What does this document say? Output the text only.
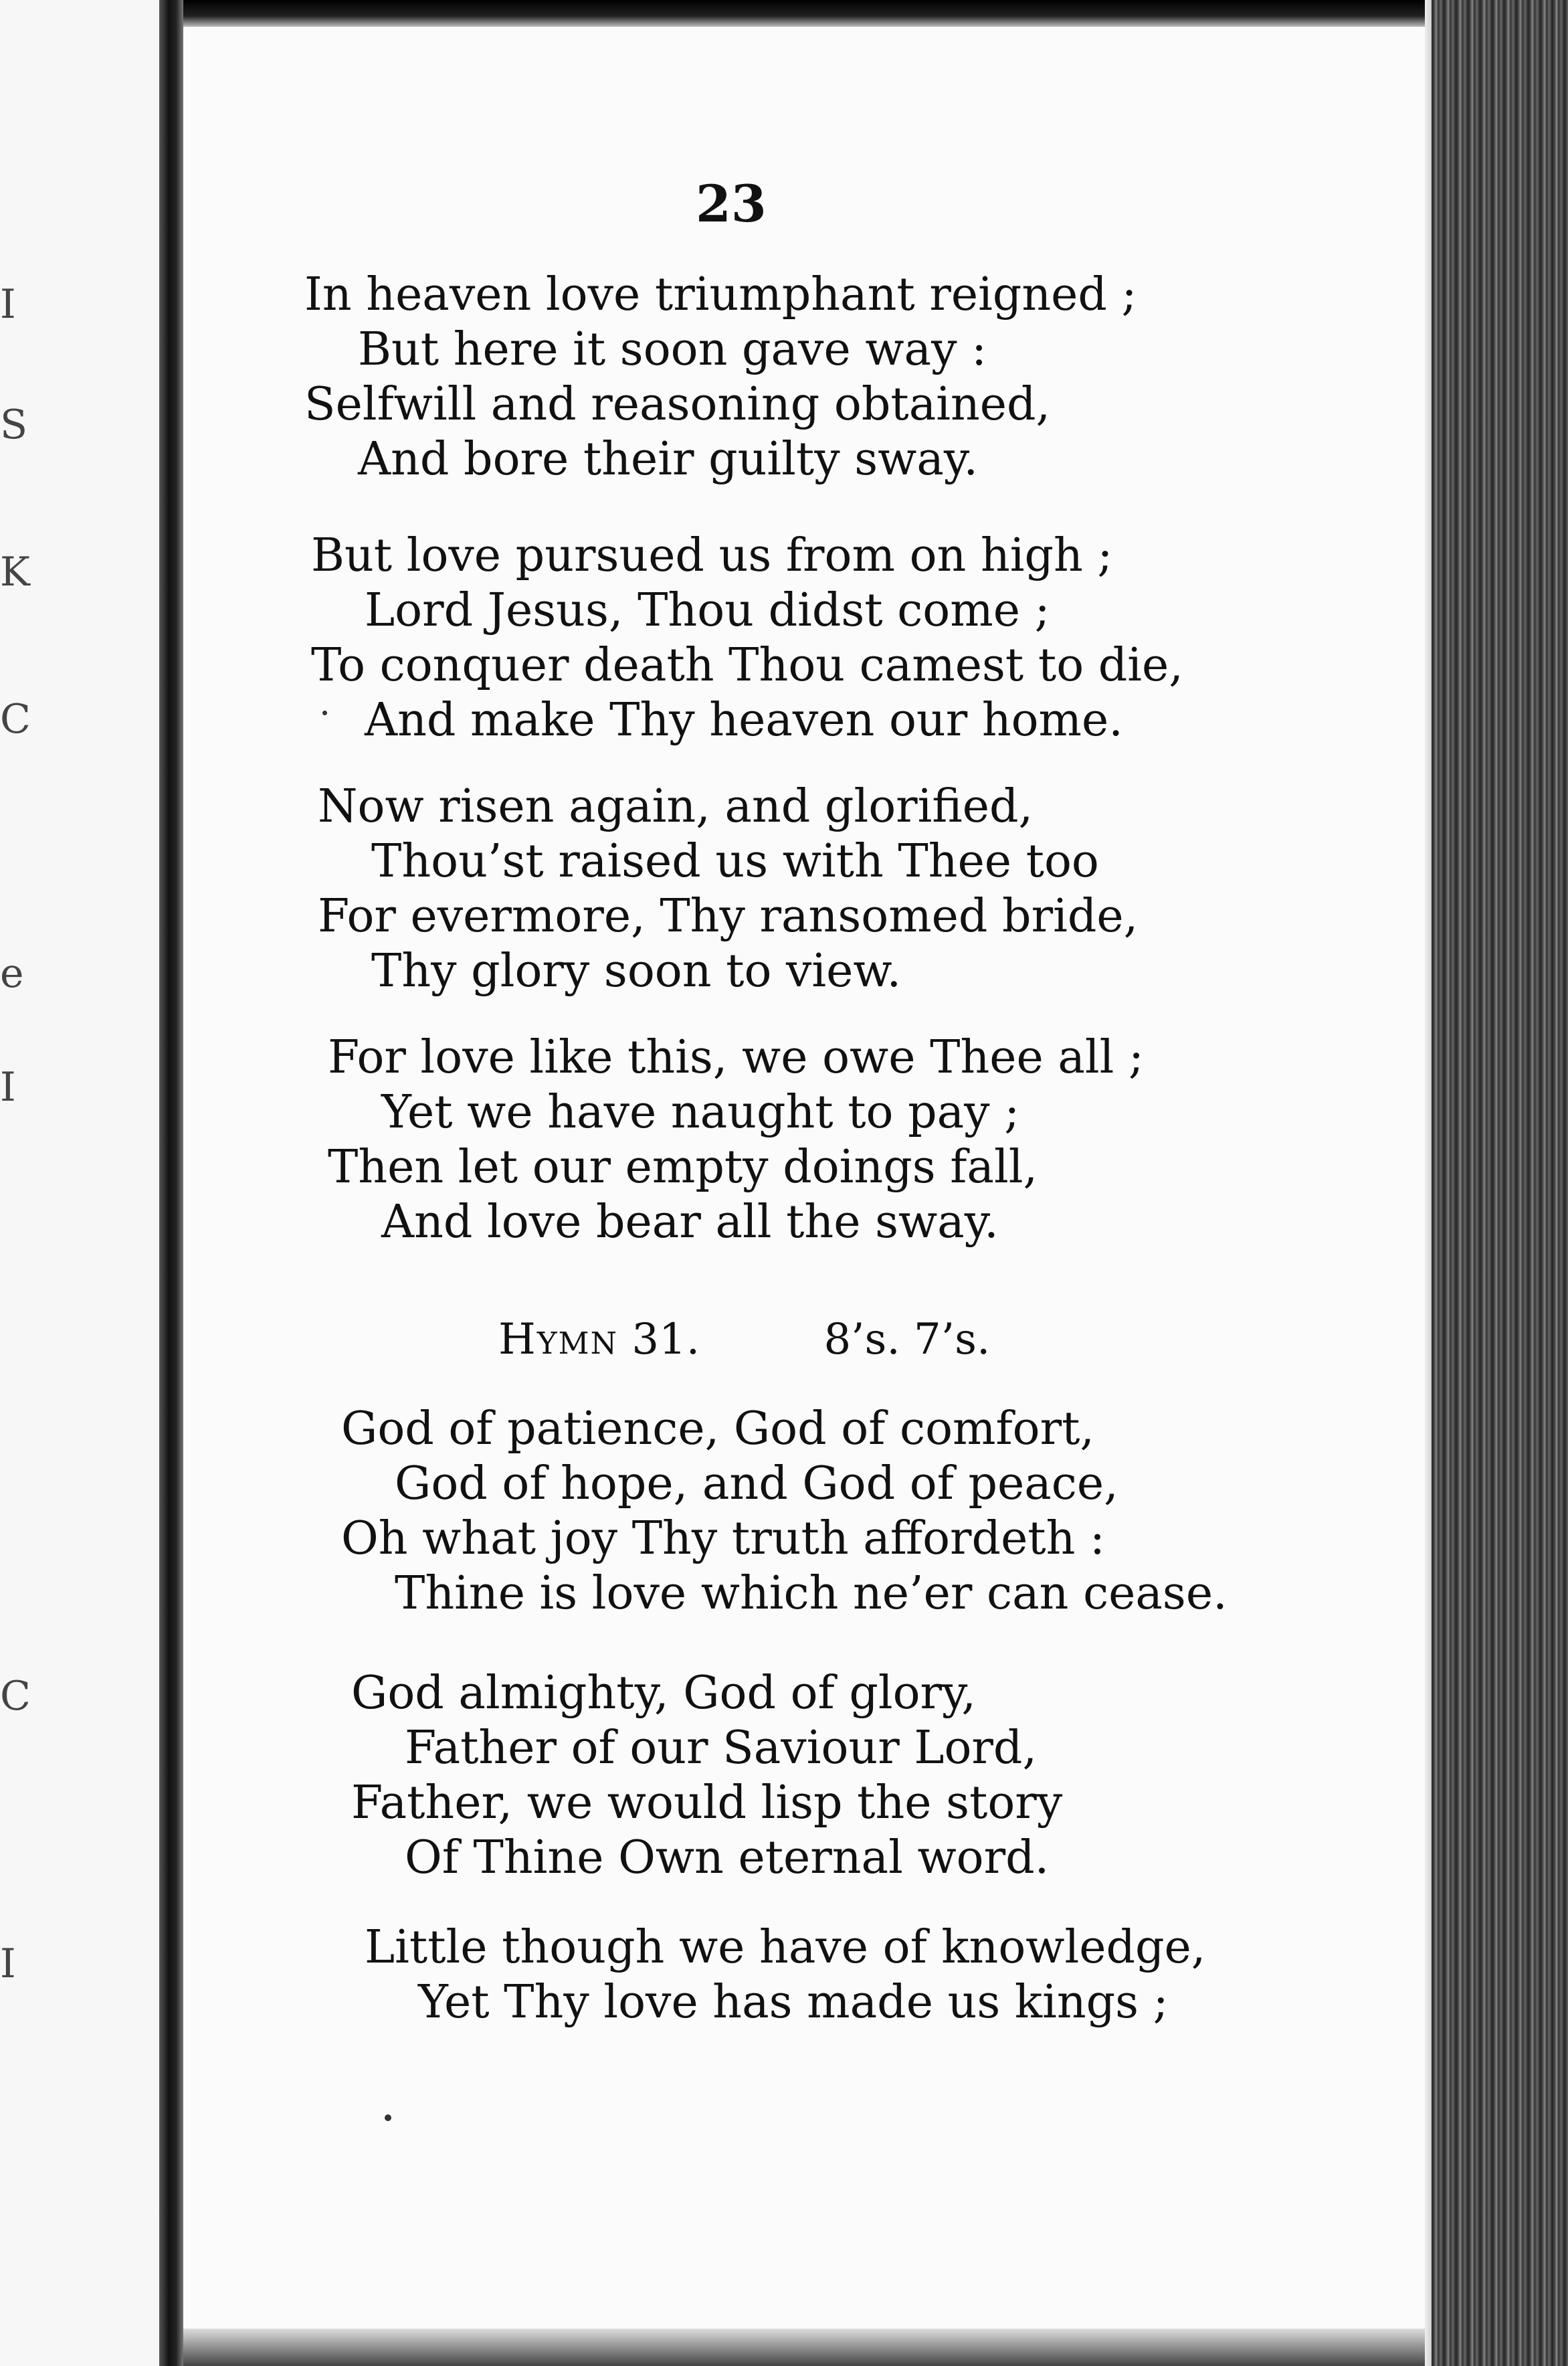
I
S
K
C
e
I
C
I
23
In heaven love triumphant reigned ;
But here it soon gave way :
Selfwill and reasoning obtained,
And bore their guilty sway.
But love pursued us from on high ;
Lord Jesus, Thou didst come ;
To conquer death Thou camest to die,
And make Thy heaven our home.
Now risen again, and glorified,
Thou’st raised us with Thee too
For evermore, Thy ransomed bride,
Thy glory soon to view.
For love like this, we owe Thee all ;
Yet we have naught to pay ;
Then let our empty doings fall,
And love bear all the sway.
Hymn 31.	8’s. 7’s.
God of patience, God of comfort,
God of hope, and God of peace,
Oh what joy Thy truth affordeth :
Thine is love which ne’er can cease.
God almighty, God of glory,
Father of our Saviour Lord,
Father, we would lisp the story
Of Thine Own eternal word.
Little though we have of knowledge,
Yet Thy love has made us kings ;
